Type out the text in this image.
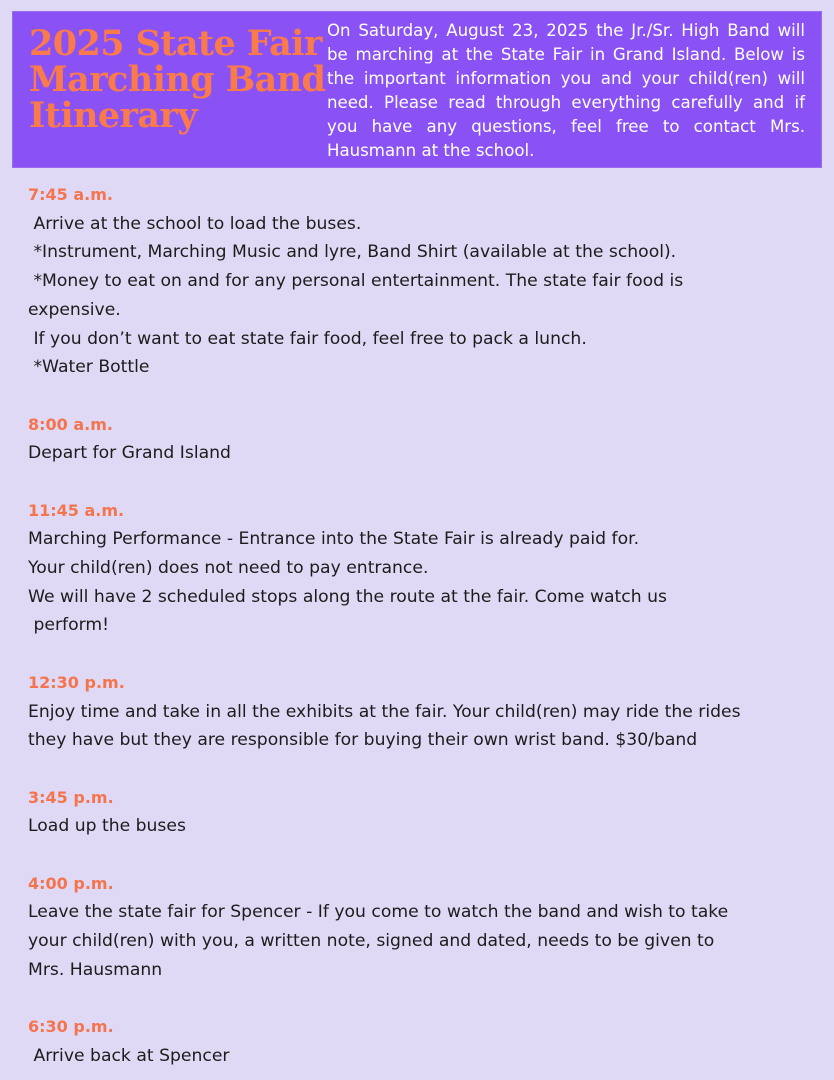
2025 State Fair
Marching Band
Itinerary
On Saturday, August 23, 2025 the Jr./Sr. High Band will be marching at the State Fair in Grand Island. Below is the important information you and your child(ren) will need. Please read through everything carefully and if you have any questions, feel free to contact Mrs. Hausmann at the school.
7:45 a.m.
Arrive at the school to load the buses.
*Instrument, Marching Music and lyre, Band Shirt (available at the school).
*Money to eat on and for any personal entertainment. The state fair food is
expensive.
If you don’t want to eat state fair food, feel free to pack a lunch.
*Water Bottle
8:00 a.m.
Depart for Grand Island
11:45 a.m.
Marching Performance - Entrance into the State Fair is already paid for.
Your child(ren) does not need to pay entrance.
We will have 2 scheduled stops along the route at the fair. Come watch us
perform!
12:30 p.m.
Enjoy time and take in all the exhibits at the fair. Your child(ren) may ride the rides
they have but they are responsible for buying their own wrist band. $30/band
3:45 p.m.
Load up the buses
4:00 p.m.
Leave the state fair for Spencer - If you come to watch the band and wish to take
your child(ren) with you, a written note, signed and dated, needs to be given to
Mrs. Hausmann
6:30 p.m.
Arrive back at Spencer
